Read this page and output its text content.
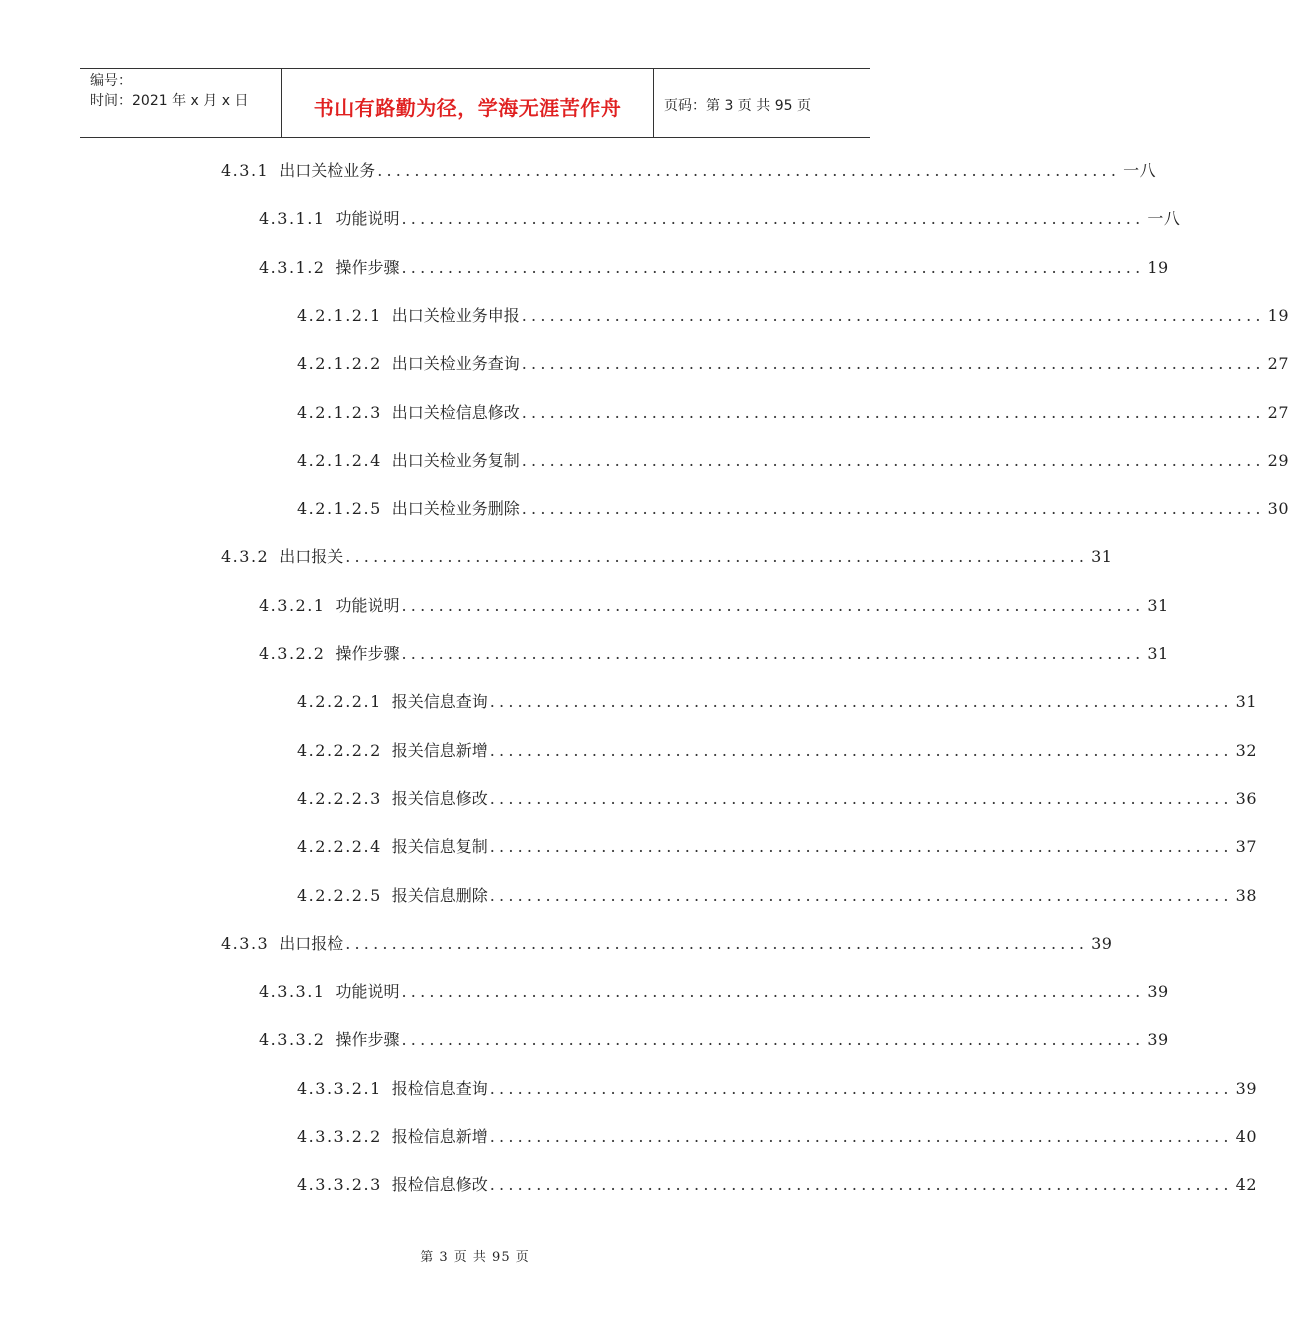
编号：
时间：2021 年 x 月 x 日	书山有路勤为径，学海无涯苦作舟	页码：第 3 页 共 95 页
4.3.1 出口关检业务 ................................................................................ 一八
4.3.1.1 功能说明 ................................................................................ 一八
4.3.1.2 操作步骤 ................................................................................ 19
4.2.1.2.1 出口关检业务申报 ................................................................................ 19
4.2.1.2.2 出口关检业务查询 ................................................................................ 27
4.2.1.2.3 出口关检信息修改 ................................................................................ 27
4.2.1.2.4 出口关检业务复制 ................................................................................ 29
4.2.1.2.5 出口关检业务删除 ................................................................................ 30
4.3.2 出口报关 ................................................................................ 31
4.3.2.1 功能说明 ................................................................................ 31
4.3.2.2 操作步骤 ................................................................................ 31
4.2.2.2.1 报关信息查询 ................................................................................ 31
4.2.2.2.2 报关信息新增 ................................................................................ 32
4.2.2.2.3 报关信息修改 ................................................................................ 36
4.2.2.2.4 报关信息复制 ................................................................................ 37
4.2.2.2.5 报关信息删除 ................................................................................ 38
4.3.3 出口报检 ................................................................................ 39
4.3.3.1 功能说明 ................................................................................ 39
4.3.3.2 操作步骤 ................................................................................ 39
4.3.3.2.1 报检信息查询 ................................................................................ 39
4.3.3.2.2 报检信息新增 ................................................................................ 40
4.3.3.2.3 报检信息修改 ................................................................................ 42
第 3 页 共 95 页
